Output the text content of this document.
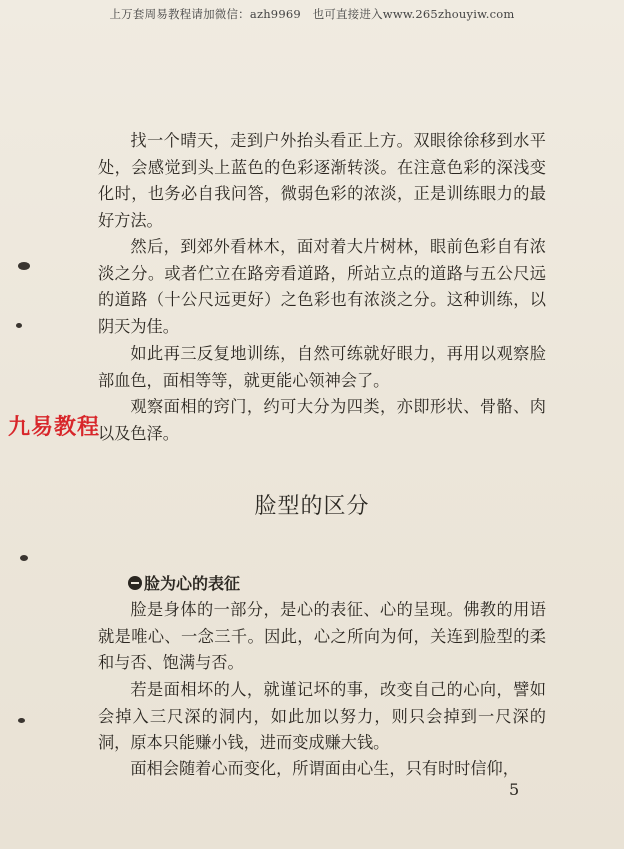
上万套周易教程请加微信：azh9969　也可直接进入www.265zhouyiw.com

找一个晴天，走到户外抬头看正上方。双眼徐徐移到水平处，会感觉到头上蓝色的色彩逐渐转淡。在注意色彩的深浅变化时，也务必自我问答，微弱色彩的浓淡，正是训练眼力的最好方法。

然后，到郊外看林木，面对着大片树林，眼前色彩自有浓淡之分。或者伫立在路旁看道路，所站立点的道路与五公尺远的道路（十公尺远更好）之色彩也有浓淡之分。这种训练，以阴天为佳。

如此再三反复地训练，自然可练就好眼力，再用以观察脸部血色，面相等等，就更能心领神会了。

观察面相的窍门，约可大分为四类，亦即形状、骨骼、肉以及色泽。

九易教程
脸型的区分
脸为心的表征

脸是身体的一部分，是心的表征、心的呈现。佛教的用语就是唯心、一念三千。因此，心之所向为何，关连到脸型的柔和与否、饱满与否。

若是面相坏的人，就谨记坏的事，改变自己的心向，譬如会掉入三尺深的洞内，如此加以努力，则只会掉到一尺深的洞，原本只能赚小钱，进而变成赚大钱。

面相会随着心而变化，所谓面由心生，只有时时信仰，

5
